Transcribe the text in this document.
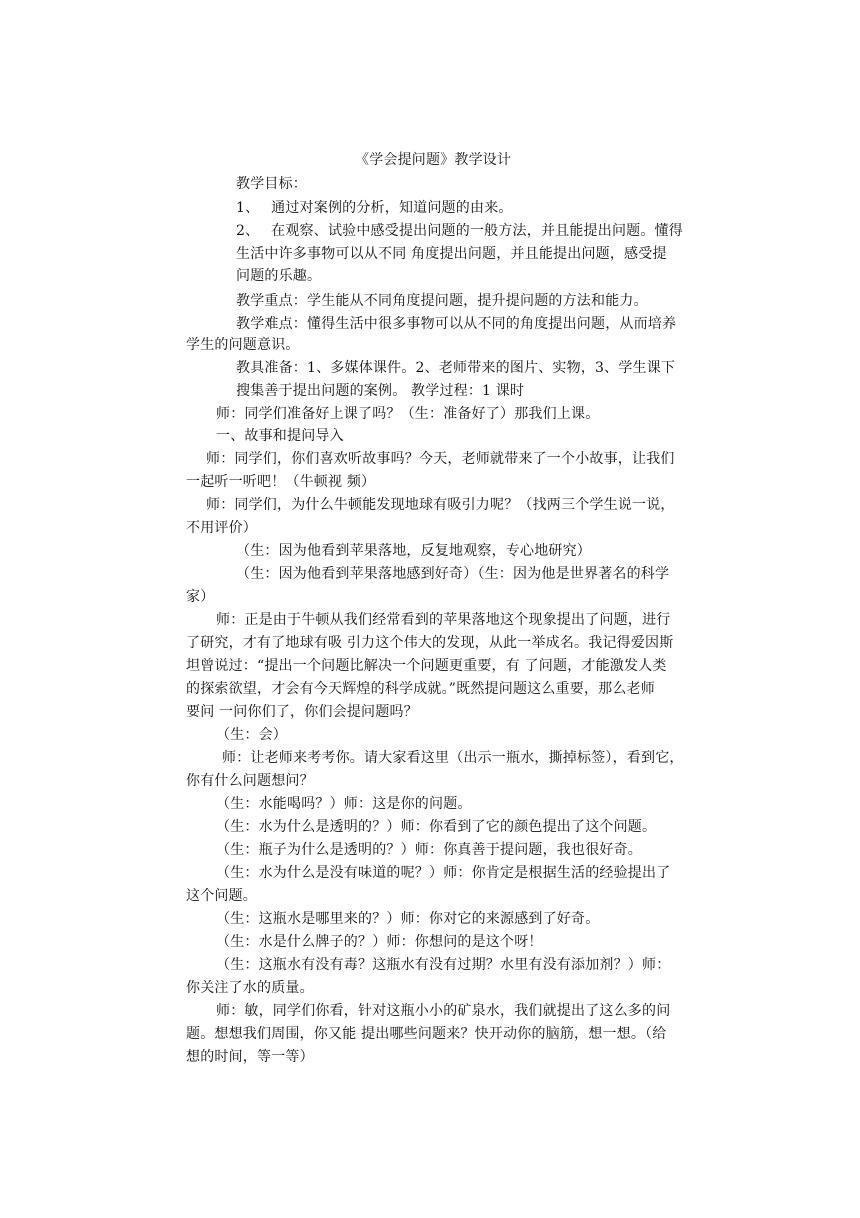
《学会提问题》教学设计
教学目标：
1、　 通过对案例的分析，知道问题的由来。
2、　 在观察、试验中感受提出问题的一般方法，并且能提出问题。懂得
生活中许多事物可以从不同 角度提出问题，并且能提出问题，感受提
问题的乐趣。
教学重点：学生能从不同角度提问题，提升提问题的方法和能力。
教学难点：懂得生活中很多事物可以从不同的角度提出问题，从而培养
学生的问题意识。
教具准备：1、多媒体课件。2、老师带来的图片、实物，3、学生课下
搜集善于提出问题的案例。 教学过程：1 课时
师：同学们准备好上课了吗？（生：准备好了）那我们上课。
一、故事和提问导入
师：同学们，你们喜欢听故事吗？今天，老师就带来了一个小故事，让我们
一起听一听吧！（牛顿视 频）
师：同学们，为什么牛顿能发现地球有吸引力呢？（找两三个学生说一说，
不用评价）
（生：因为他看到苹果落地，反复地观察，专心地研究）
（生：因为他看到苹果落地感到好奇）（生：因为他是世界著名的科学
家）
师：正是由于牛顿从我们经常看到的苹果落地这个现象提出了问题，进行
了研究，才有了地球有吸 引力这个伟大的发现，从此一举成名。我记得爱因斯
坦曾说过：“提出一个问题比解决一个问题更重要，有 了问题，才能激发人类
的探索欲望，才会有今天辉煌的科学成就。”既然提问题这么重要，那么老师
要问 一问你们了，你们会提问题吗？
（生：会）
师：让老师来考考你。请大家看这里（出示一瓶水，撕掉标签），看到它，
你有什么问题想问？
（生：水能喝吗？）师：这是你的问题。
（生：水为什么是透明的？）师：你看到了它的颜色提出了这个问题。
（生：瓶子为什么是透明的？）师：你真善于提问题，我也很好奇。
（生：水为什么是没有味道的呢？）师：你肯定是根据生活的经验提出了
这个问题。
（生：这瓶水是哪里来的？）师：你对它的来源感到了好奇。
（生：水是什么牌子的？）师：你想问的是这个呀！
（生：这瓶水有没有毒？这瓶水有没有过期？水里有没有添加剂？）师：
你关注了水的质量。
师：敏，同学们你看，针对这瓶小小的矿泉水，我们就提出了这么多的问
题。想想我们周围，你又能 提出哪些问题来？快开动你的脑筋，想一想。（给
想的时间，等一等）
